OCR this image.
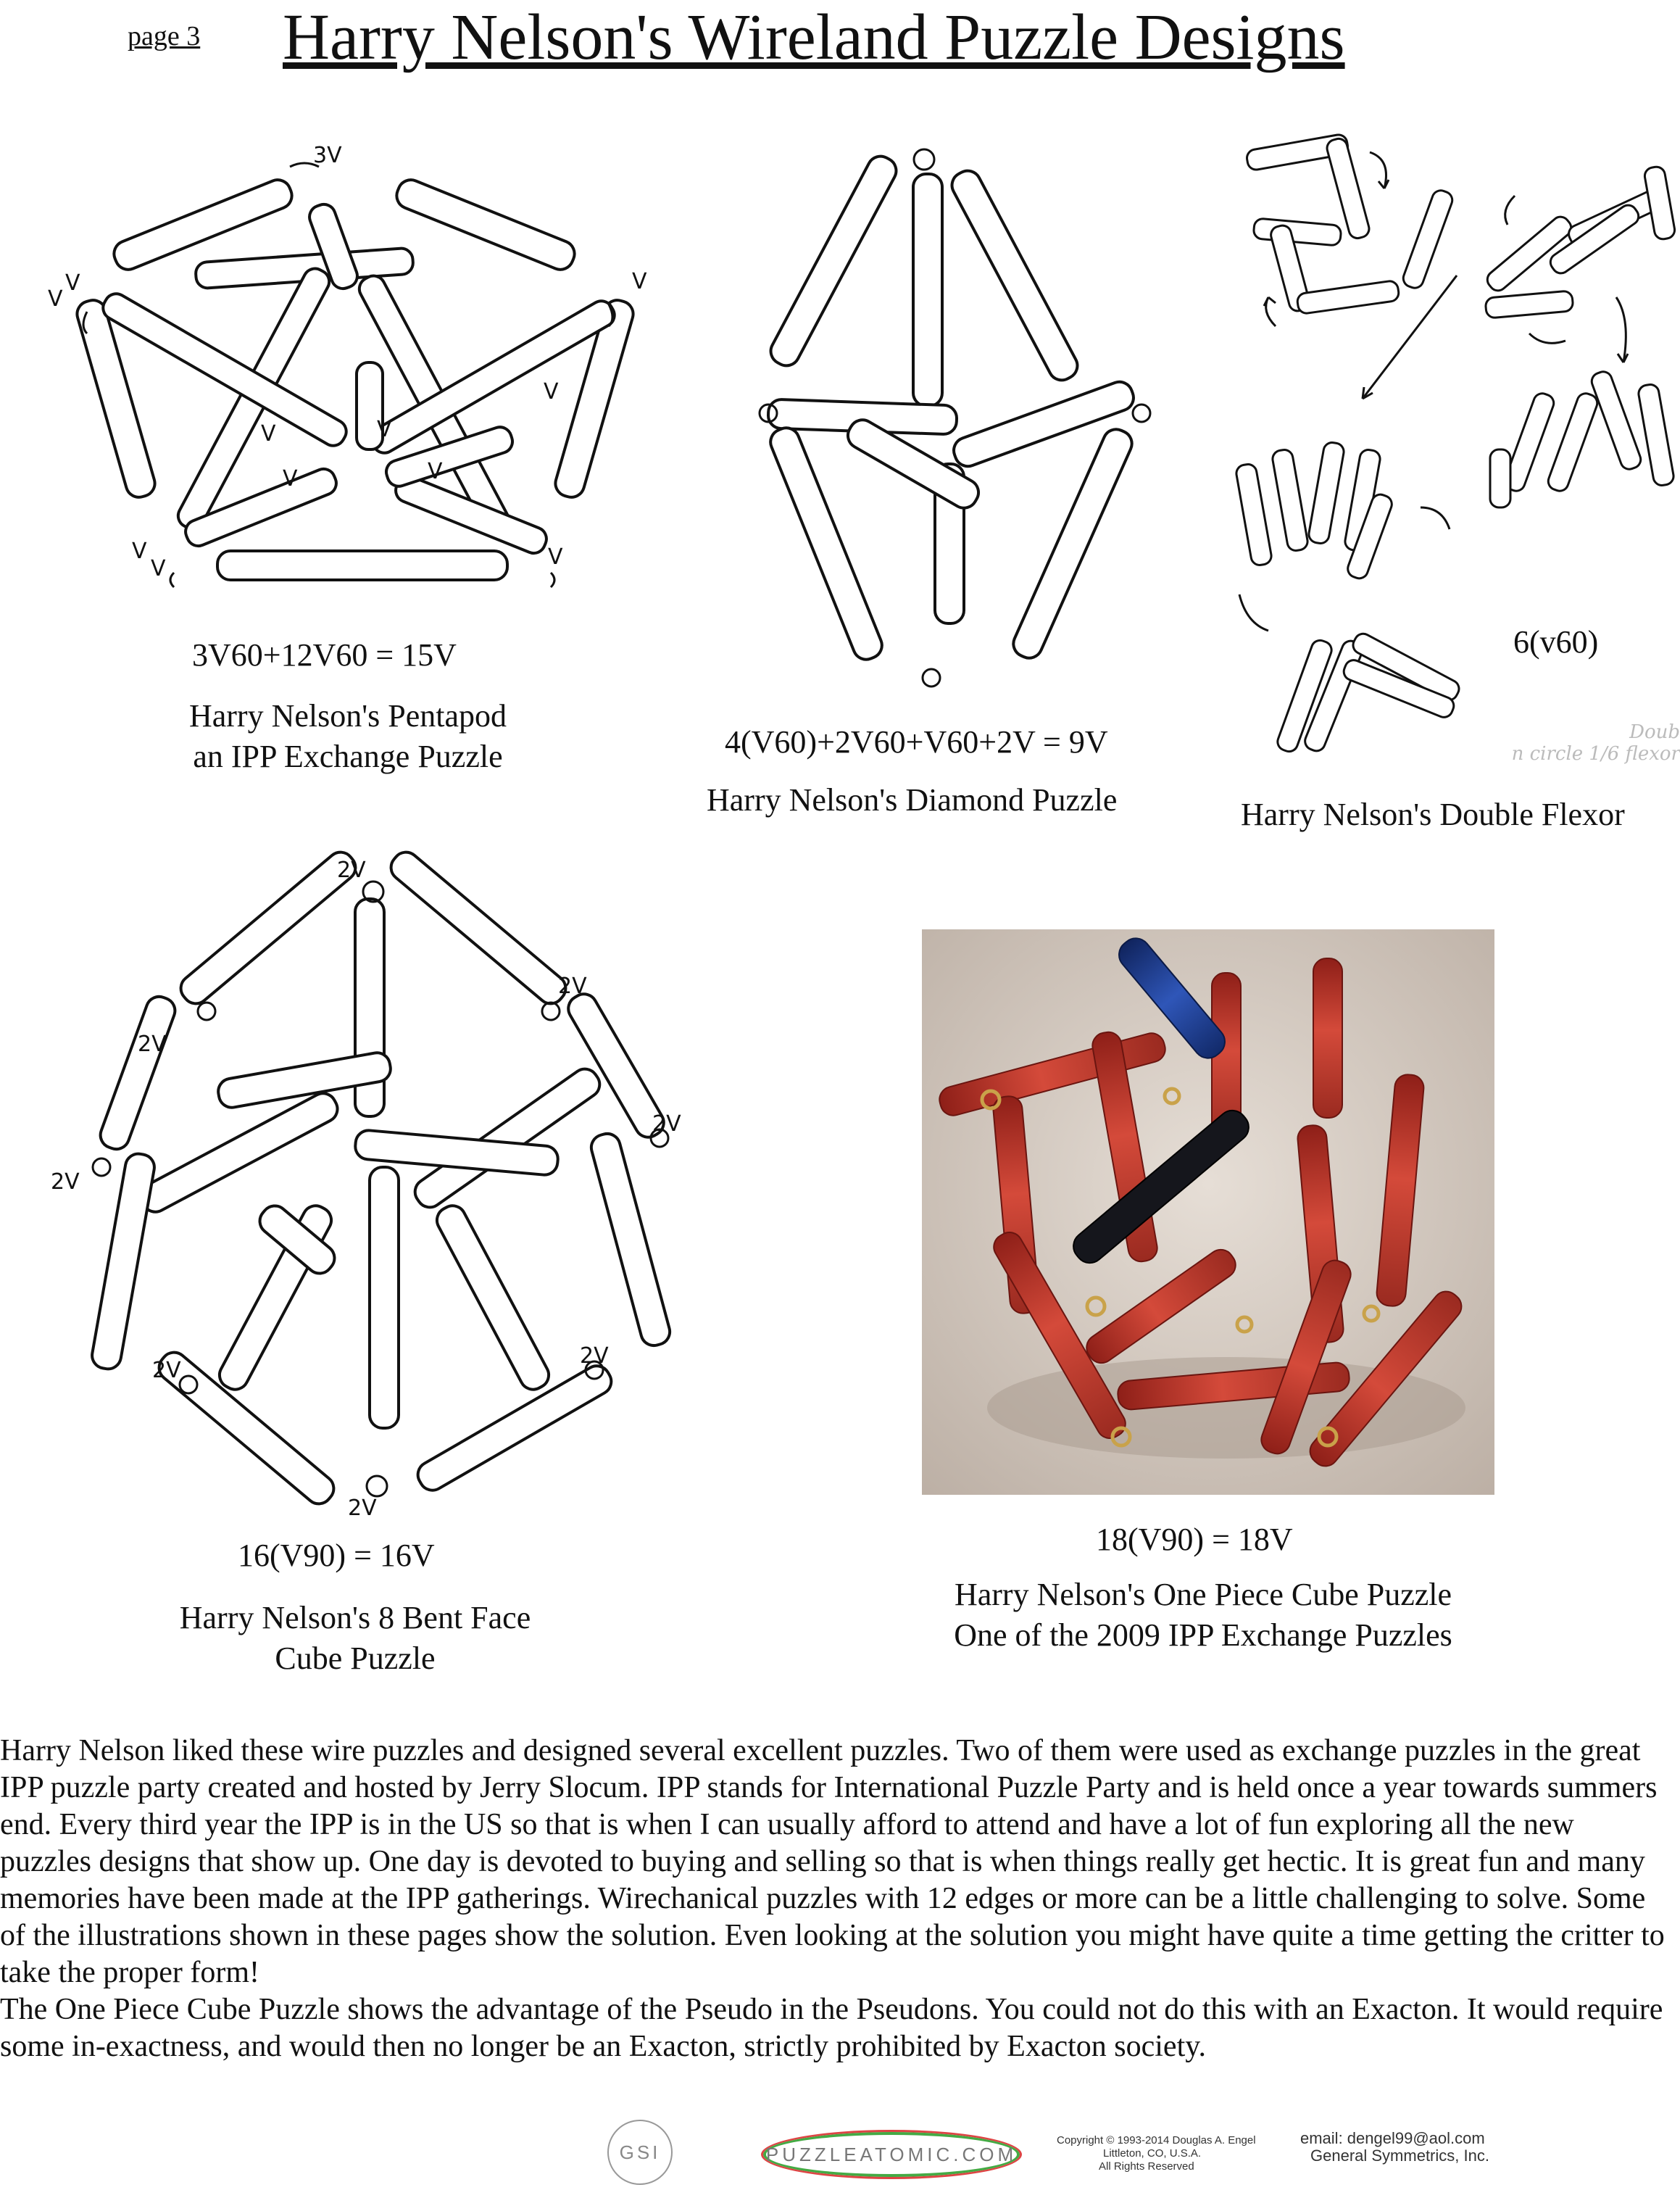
page 3 Harry Nelson's Wireland Puzzle Designs
3V
V
V
V
V
V	V
V	V
V	V
V
3V60+12V60 = 15V
Harry Nelson's Pentapod
an IPP Exchange Puzzle	4(V60)+2V60+V60+2V = 9V
Harry Nelson's Diamond Puzzle
6(v60)
Doub
n circle 1/6 flexor
Harry Nelson's Double Flexor
2V
2V
2V
2V
2V
2V
2V
2V
16(V90) = 16V
Harry Nelson's 8 Bent Face
Cube Puzzle
18(V90) = 18V
Harry Nelson's One Piece Cube Puzzle
One of the 2009 IPP Exchange Puzzles

Harry Nelson liked these wire puzzles and designed several excellent puzzles. Two of them were used as exchange puzzles in the great IPP puzzle party created and hosted by Jerry Slocum. IPP stands for International Puzzle Party and is held once a year towards summers end. Every third year the IPP is in the US so that is when I can usually afford to attend and have a lot of fun exploring all the new puzzles designs that show up. One day is devoted to buying and selling so that is when things really get hectic. It is great fun and many memories have been made at the IPP gatherings. Wirechanical puzzles with 12 edges or more can be a little challenging to solve. Some of the illustrations shown in these pages show the solution. Even looking at the solution you might have quite a time getting the critter to take the proper form!

The One Piece Cube Puzzle shows the advantage of the Pseudo in the Pseudons. You could not do this with an Exacton. It would require some in-exactness, and would then no longer be an Exacton, strictly prohibited by Exacton society.

GSI	PUZZLEATOMIC.COM
Copyright © 1993-2014 Douglas A. Engel
Littleton, CO, U.S.A.
All Rights Reserved
email: dengel99@aol.com
General Symmetrics, Inc.
